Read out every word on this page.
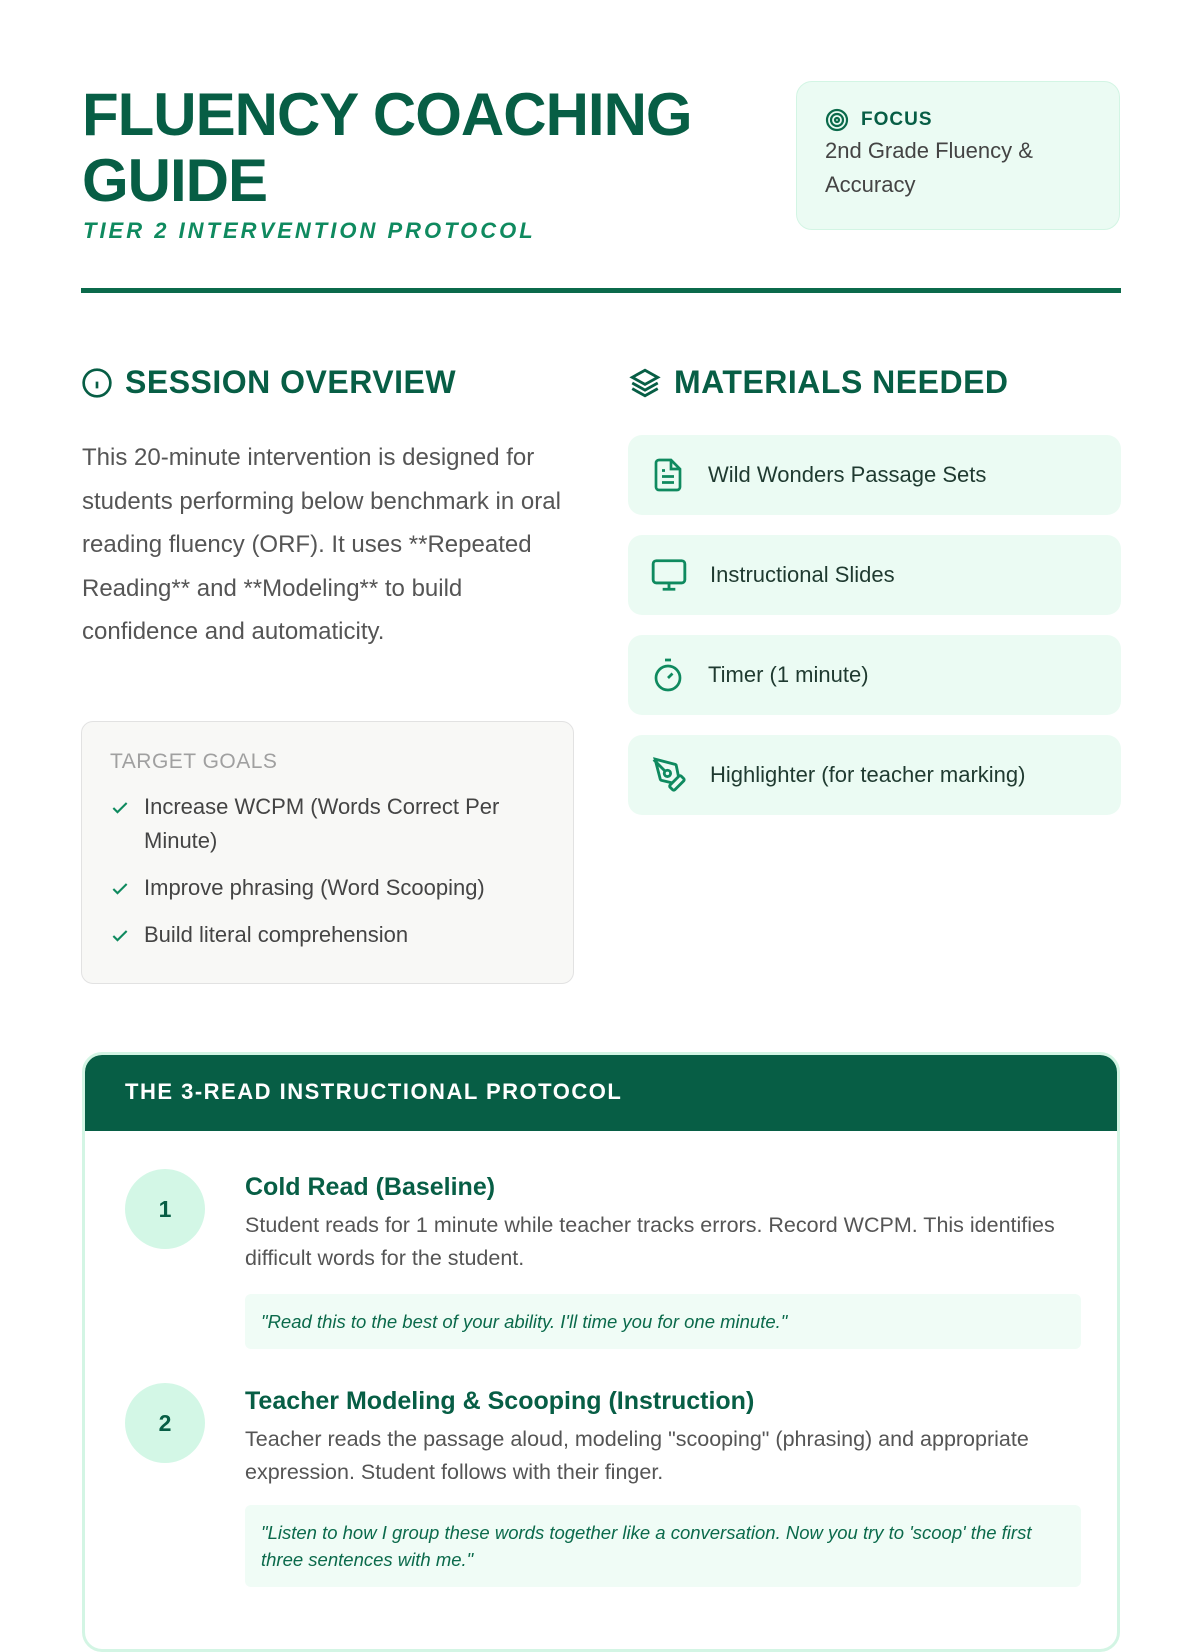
FLUENCY COACHING GUIDE
TIER 2 INTERVENTION PROTOCOL
FOCUS
2nd Grade Fluency & Accuracy
SESSION OVERVIEW
This 20-minute intervention is designed for students performing below benchmark in oral reading fluency (ORF). It uses **Repeated Reading** and **Modeling** to build confidence and automaticity.
TARGET GOALS
Increase WCPM (Words Correct Per Minute)
Improve phrasing (Word Scooping)
Build literal comprehension
MATERIALS NEEDED
Wild Wonders Passage Sets
Instructional Slides
Timer (1 minute)
Highlighter (for teacher marking)
THE 3-READ INSTRUCTIONAL PROTOCOL
1
Cold Read (Baseline)
Student reads for 1 minute while teacher tracks errors. Record WCPM. This identifies difficult words for the student.
"Read this to the best of your ability. I'll time you for one minute."
2
Teacher Modeling & Scooping (Instruction)
Teacher reads the passage aloud, modeling "scooping" (phrasing) and appropriate expression. Student follows with their finger.
"Listen to how I group these words together like a conversation. Now you try to 'scoop' the first three sentences with me."
